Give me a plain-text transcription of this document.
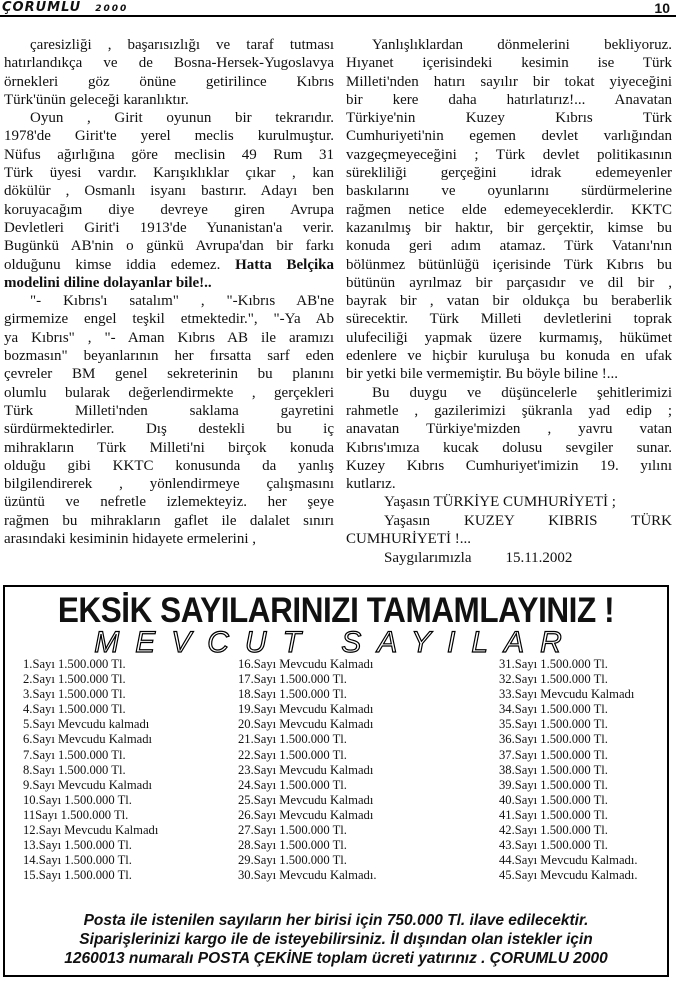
ÇORUMLU 2000	10
çaresizliği , başarısızlığı ve taraf tutması
hatırlandıkça ve de Bosna-Hersek-Yugoslavya
örnekleri göz önüne getirilince Kıbrıs
Türk'ünün geleceği karanlıktır.
Oyun , Girit oyunun bir tekrarıdır.
1978'de Girit'te yerel meclis kurulmuştur.
Nüfus ağırlığına göre meclisin 49 Rum 31
Türk üyesi vardır. Karışıklıklar çıkar , kan
dökülür , Osmanlı isyanı bastırır. Adayı ben
koruyacağım diye devreye giren Avrupa
Devletleri Girit'i 1913'de Yunanistan'a verir.
Bugünkü AB'nin o günkü Avrupa'dan bir farkı
olduğunu kimse iddia edemez. Hatta Belçika
modelini diline dolayanlar bile!..
"- Kıbrıs'ı satalım" , "-Kıbrıs AB'ne
girmemize engel teşkil etmektedir.", "-Ya Ab
ya Kıbrıs" , "- Aman Kıbrıs AB ile aramızı
bozmasın" beyanlarının her fırsatta sarf eden
çevreler BM genel sekreterinin bu planını
olumlu bularak değerlendirmekte , gerçekleri
Türk Milleti'nden saklama gayretini
sürdürmektedirler. Dış destekli bu iç
mihrakların Türk Milleti'ni birçok konuda
olduğu gibi KKTC konusunda da yanlış
bilgilendirerek , yönlendirmeye çalışmasını
üzüntü ve nefretle izlemekteyiz. her şeye
rağmen bu mihrakların gaflet ile dalalet sınırı
arasındaki kesiminin hidayete ermelerini ,
Yanlışlıklardan dönmelerini bekliyoruz.
Hıyanet içerisindeki kesimin ise Türk
Milleti'nden hatırı sayılır bir tokat yiyeceğini
bir kere daha hatırlatırız!... Anavatan
Türkiye'nin Kuzey Kıbrıs Türk
Cumhuriyeti'nin egemen devlet varlığından
vazgeçmeyeceğini ; Türk devlet politikasının
sürekliliği gerçeğini idrak edemeyenler
baskılarını ve oyunlarını sürdürmelerine
rağmen netice elde edemeyeceklerdir. KKTC
kazanılmış bir haktır, bir gerçektir, kimse bu
konuda geri adım atamaz. Türk Vatanı'nın
bölünmez bütünlüğü içerisinde Türk Kıbrıs bu
bütünün ayrılmaz bir parçasıdır ve dil bir ,
bayrak bir , vatan bir oldukça bu beraberlik
sürecektir. Türk Milleti devletlerini toprak
ulufeciliği yapmak üzere kurmamış, hükümet
edenlere ve hiçbir kuruluşa bu konuda en ufak
bir yetki bile vermemiştir. Bu böyle biline !...
Bu duygu ve düşüncelerle şehitlerimizi
rahmetle , gazilerimizi şükranla yad edip ;
anavatan Türkiye'mizden , yavru vatan
Kıbrıs'ımıza kucak dolusu sevgiler sunar.
Kuzey Kıbrıs Cumhuriyet'imizin 19. yılını
kutlarız.
Yaşasın TÜRKİYE CUMHURİYETİ ;
Yaşasın KUZEY KIBRIS TÜRK
CUMHURİYETİ !...
Saygılarımızla 15.11.2002
EKSİK SAYILARINIZI TAMAMLAYINIZ !
MEVCUT SAYILAR
1.Sayı 1.500.000 Tl.
2.Sayı 1.500.000 Tl.
3.Sayı 1.500.000 Tl.
4.Sayı 1.500.000 Tl.
5.Sayı Mevcudu kalmadı
6.Sayı Mevcudu Kalmadı
7.Sayı 1.500.000 Tl.
8.Sayı 1.500.000 Tl.
9.Sayı Mevcudu Kalmadı
10.Sayı 1.500.000 Tl.
11Sayı 1.500.000 Tl.
12.Sayı Mevcudu Kalmadı
13.Sayı 1.500.000 Tl.
14.Sayı 1.500.000 Tl.
15.Sayı 1.500.000 Tl.
16.Sayı Mevcudu Kalmadı
17.Sayı 1.500.000 Tl.
18.Sayı 1.500.000 Tl.
19.Sayı Mevcudu Kalmadı
20.Sayı Mevcudu Kalmadı
21.Sayı 1.500.000 Tl.
22.Sayı 1.500.000 Tl.
23.Sayı Mevcudu Kalmadı
24.Sayı 1.500.000 Tl.
25.Sayı Mevcudu Kalmadı
26.Sayı Mevcudu Kalmadı
27.Sayı 1.500.000 Tl.
28.Sayı 1.500.000 Tl.
29.Sayı 1.500.000 Tl.
30.Sayı Mevcudu Kalmadı.
31.Sayı 1.500.000 Tl.
32.Sayı 1.500.000 Tl.
33.Sayı Mevcudu Kalmadı
34.Sayı 1.500.000 Tl.
35.Sayı 1.500.000 Tl.
36.Sayı 1.500.000 Tl.
37.Sayı 1.500.000 Tl.
38.Sayı 1.500.000 Tl.
39.Sayı 1.500.000 Tl.
40.Sayı 1.500.000 Tl.
41.Sayı 1.500.000 Tl.
42.Sayı 1.500.000 Tl.
43.Sayı 1.500.000 Tl.
44.Sayı Mevcudu Kalmadı.
45.Sayı Mevcudu Kalmadı.
Posta ile istenilen sayıların her birisi için 750.000 Tl. ilave edilecektir.
Siparişlerinizi kargo ile de isteyebilirsiniz. İl dışından olan istekler için
1260013 numaralı POSTA ÇEKİNE toplam ücreti yatırınız . ÇORUMLU 2000
